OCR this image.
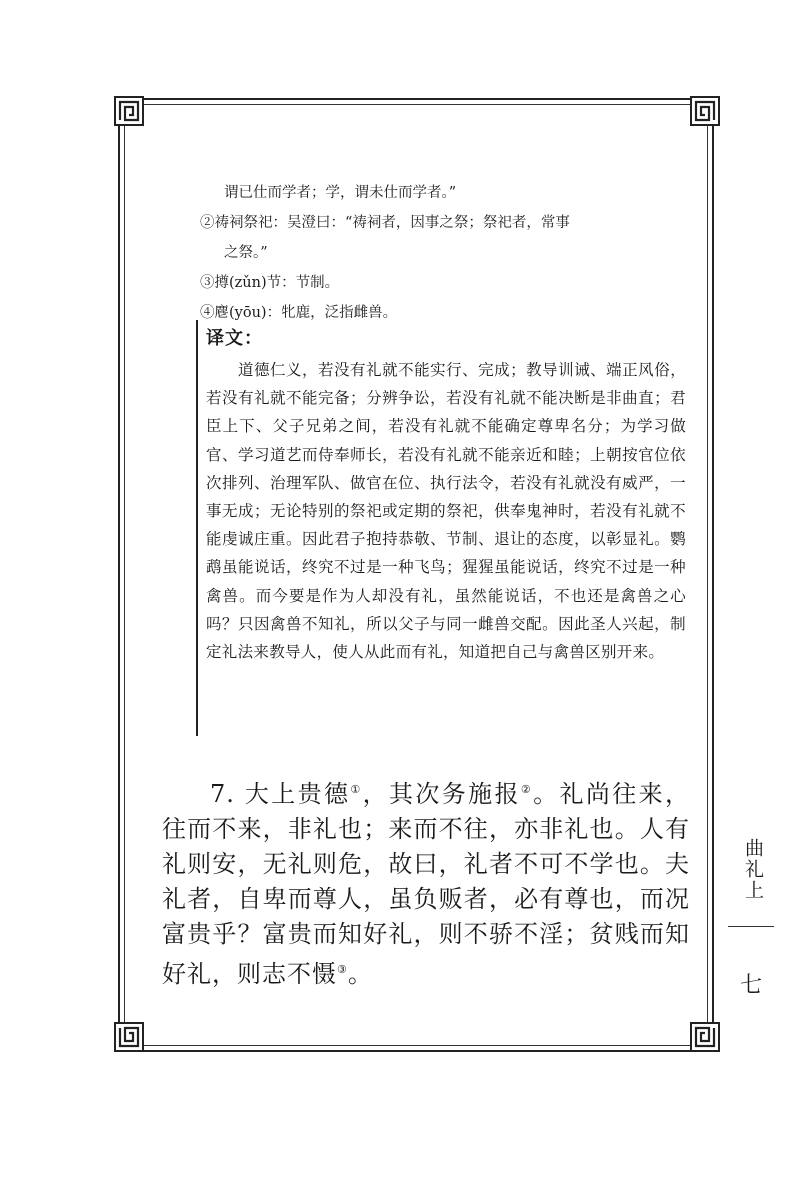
谓已仕而学者；学，谓未仕而学者。”
②祷祠祭祀：吴澄曰：“祷祠者，因事之祭；祭祀者，常事
之祭。”
③撙(zǔn)节：节制。
④麀(yōu)：牝鹿，泛指雌兽。
译文：
道德仁义，若没有礼就不能实行、完成；教导训诫、端正风俗，若没有礼就不能完备；分辨争讼，若没有礼就不能决断是非曲直；君臣上下、父子兄弟之间，若没有礼就不能确定尊卑名分；为学习做官、学习道艺而侍奉师长，若没有礼就不能亲近和睦；上朝按官位依次排列、治理军队、做官在位、执行法令，若没有礼就没有威严，一事无成；无论特别的祭祀或定期的祭祀，供奉鬼神时，若没有礼就不能虔诚庄重。因此君子抱持恭敬、节制、退让的态度，以彰显礼。鹦鹉虽能说话，终究不过是一种飞鸟；猩猩虽能说话，终究不过是一种禽兽。而今要是作为人却没有礼，虽然能说话，不也还是禽兽之心吗？只因禽兽不知礼，所以父子与同一雌兽交配。因此圣人兴起，制定礼法来教导人，使人从此而有礼，知道把自己与禽兽区别开来。
7. 大上贵德①，其次务施报②。礼尚往来，往而不来，非礼也；来而不往，亦非礼也。人有礼则安，无礼则危，故曰，礼者不可不学也。夫礼者，自卑而尊人，虽负贩者，必有尊也，而况富贵乎？富贵而知好礼，则不骄不淫；贫贱而知好礼，则志不慑③。
曲礼上
七
